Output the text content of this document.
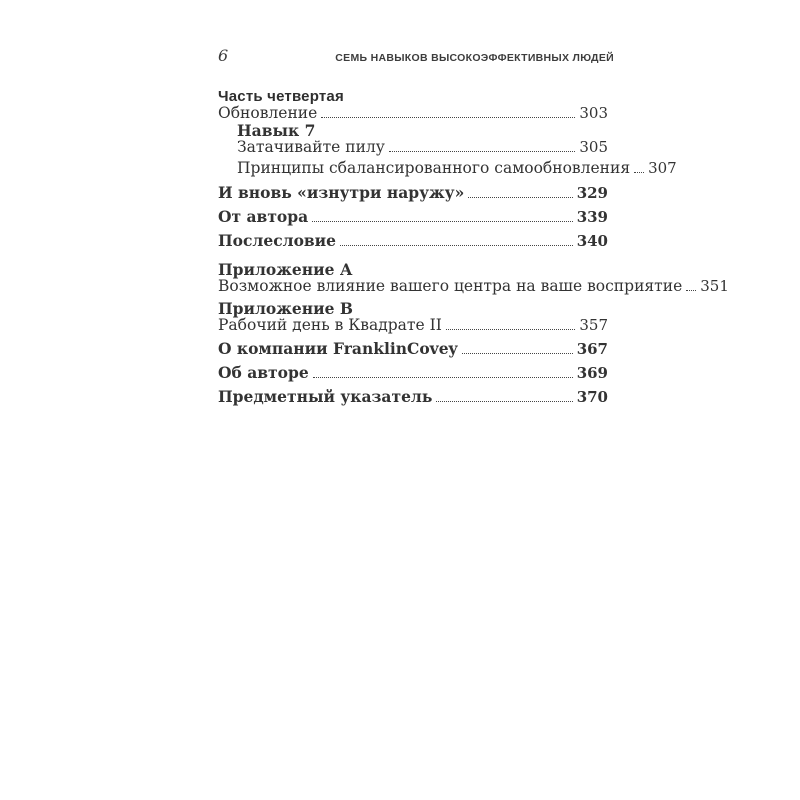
6	СЕМЬ НАВЫКОВ ВЫСОКОЭФФЕКТИВНЫХ ЛЮДЕЙ
Часть четвертая
Обновление	303
Навык 7
Затачивайте пилу	305
Принципы сбалансированного самообновления 307
И вновь «изнутри наружу»	329
От автора	339
Послесловие	340
Приложение А
Возможное влияние вашего центра на ваше восприятие 351
Приложение В
Рабочий день в Квадрате II	357
О компании FranklinCovey	367
Об авторе	369
Предметный указатель	370
